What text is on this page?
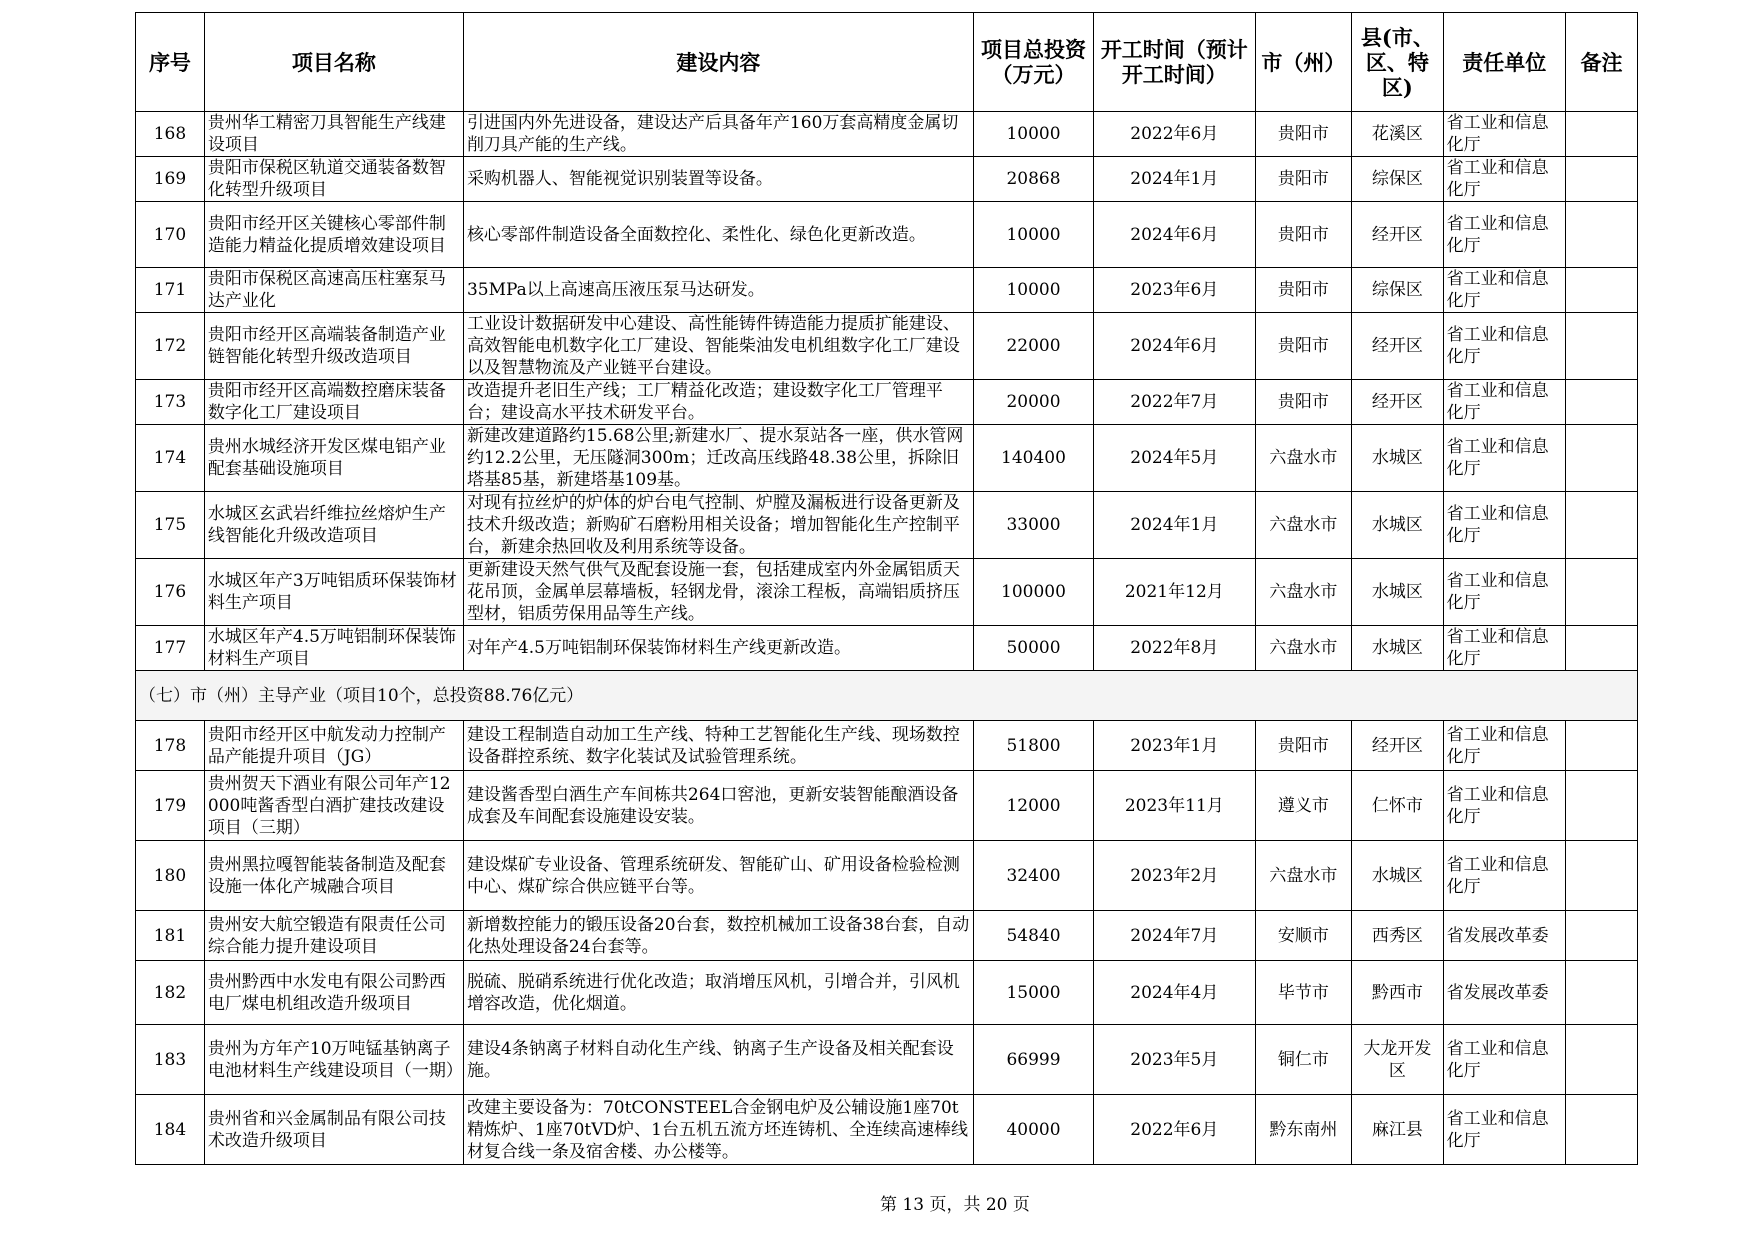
序号	项目名称	建设内容	项目总投资（万元）	开工时间（预计开工时间）	市（州）	县(市、区、特区)	责任单位	备注
168	贵州华工精密刀具智能生产线建设项目	引进国内外先进设备，建设达产后具备年产160万套高精度金属切削刀具产能的生产线。	10000	2022年6月	贵阳市	花溪区	省工业和信息化厅	
169	贵阳市保税区轨道交通装备数智化转型升级项目	采购机器人、智能视觉识别装置等设备。	20868	2024年1月	贵阳市	综保区	省工业和信息化厅	
170	贵阳市经开区关键核心零部件制造能力精益化提质增效建设项目	核心零部件制造设备全面数控化、柔性化、绿色化更新改造。	10000	2024年6月	贵阳市	经开区	省工业和信息化厅	
171	贵阳市保税区高速高压柱塞泵马达产业化	35MPa以上高速高压液压泵马达研发。	10000	2023年6月	贵阳市	综保区	省工业和信息化厅	
172	贵阳市经开区高端装备制造产业链智能化转型升级改造项目	工业设计数据研发中心建设、高性能铸件铸造能力提质扩能建设、高效智能电机数字化工厂建设、智能柴油发电机组数字化工厂建设以及智慧物流及产业链平台建设。	22000	2024年6月	贵阳市	经开区	省工业和信息化厅	
173	贵阳市经开区高端数控磨床装备数字化工厂建设项目	改造提升老旧生产线；工厂精益化改造；建设数字化工厂管理平台；建设高水平技术研发平台。	20000	2022年7月	贵阳市	经开区	省工业和信息化厅	
174	贵州水城经济开发区煤电铝产业配套基础设施项目	新建改建道路约15.68公里;新建水厂、提水泵站各一座，供水管网约12.2公里，无压隧洞300m；迁改高压线路48.38公里，拆除旧塔基85基，新建塔基109基。	140400	2024年5月	六盘水市	水城区	省工业和信息化厅	
175	水城区玄武岩纤维拉丝熔炉生产线智能化升级改造项目	对现有拉丝炉的炉体的炉台电气控制、炉膛及漏板进行设备更新及技术升级改造；新购矿石磨粉用相关设备；增加智能化生产控制平台，新建余热回收及利用系统等设备。	33000	2024年1月	六盘水市	水城区	省工业和信息化厅	
176	水城区年产3万吨铝质环保装饰材料生产项目	更新建设天然气供气及配套设施一套，包括建成室内外金属铝质天花吊顶，金属单层幕墙板，轻钢龙骨，滚涂工程板，高端铝质挤压型材，铝质劳保用品等生产线。	100000	2021年12月	六盘水市	水城区	省工业和信息化厅	
177	水城区年产4.5万吨铝制环保装饰材料生产项目	对年产4.5万吨铝制环保装饰材料生产线更新改造。	50000	2022年8月	六盘水市	水城区	省工业和信息化厅	
（七）市（州）主导产业（项目10个，总投资88.76亿元）								
178	贵阳市经开区中航发动力控制产品产能提升项目（JG）	建设工程制造自动加工生产线、特种工艺智能化生产线、现场数控设备群控系统、数字化装试及试验管理系统。	51800	2023年1月	贵阳市	经开区	省工业和信息化厅	
179	贵州贺天下酒业有限公司年产12000吨酱香型白酒扩建技改建设项目（三期）	建设酱香型白酒生产车间栋共264口窖池，更新安装智能酿酒设备成套及车间配套设施建设安装。	12000	2023年11月	遵义市	仁怀市	省工业和信息化厅	
180	贵州黑拉嘎智能装备制造及配套设施一体化产城融合项目	建设煤矿专业设备、管理系统研发、智能矿山、矿用设备检验检测中心、煤矿综合供应链平台等。	32400	2023年2月	六盘水市	水城区	省工业和信息化厅	
181	贵州安大航空锻造有限责任公司综合能力提升建设项目	新增数控能力的锻压设备20台套，数控机械加工设备38台套，自动化热处理设备24台套等。	54840	2024年7月	安顺市	西秀区	省发展改革委	
182	贵州黔西中水发电有限公司黔西电厂煤电机组改造升级项目	脱硫、脱硝系统进行优化改造；取消增压风机，引增合并，引风机增容改造，优化烟道。	15000	2024年4月	毕节市	黔西市	省发展改革委	
183	贵州为方年产10万吨锰基钠离子电池材料生产线建设项目（一期）	建设4条钠离子材料自动化生产线、钠离子生产设备及相关配套设施。	66999	2023年5月	铜仁市	大龙开发区	省工业和信息化厅	
184	贵州省和兴金属制品有限公司技术改造升级项目	改建主要设备为：70tCONSTEEL合金钢电炉及公辅设施1座70t精炼炉、1座70tVD炉、1台五机五流方坯连铸机、全连续高速棒线材复合线一条及宿舍楼、办公楼等。	40000	2022年6月	黔东南州	麻江县	省工业和信息化厅	
第 13 页，共 20 页
